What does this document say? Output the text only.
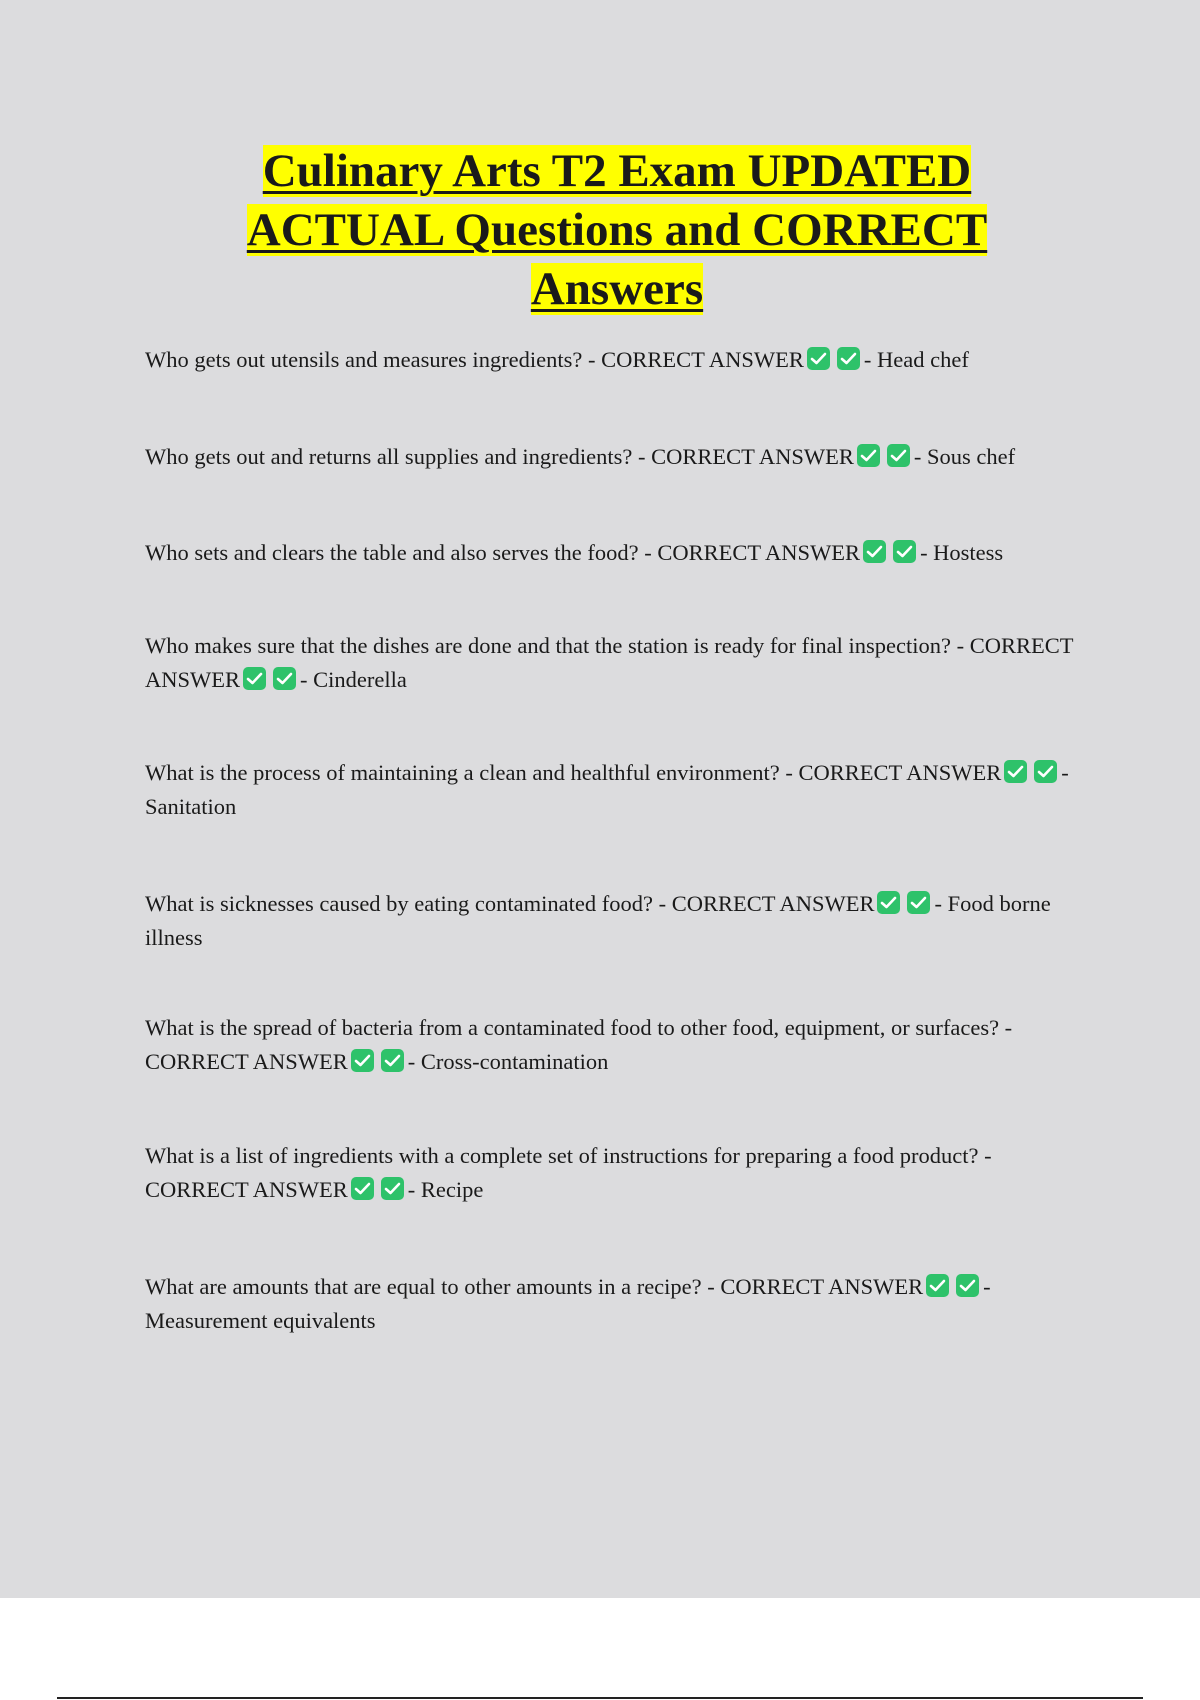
Culinary Arts T2 Exam UPDATED ACTUAL Questions and CORRECT Answers

Who gets out utensils and measures ingredients? - CORRECT ANSWER	- Head chef

Who gets out and returns all supplies and ingredients? - CORRECT ANSWER	- Sous chef

Who sets and clears the table and also serves the food? - CORRECT ANSWER	- Hostess

Who makes sure that the dishes are done and that the station is ready for final inspection? - CORRECT ANSWER	- Cinderella

What is the process of maintaining a clean and healthful environment? - CORRECT ANSWER	- Sanitation

What is sicknesses caused by eating contaminated food? - CORRECT ANSWER	- Food borne illness

What is the spread of bacteria from a contaminated food to other food, equipment, or surfaces? - CORRECT ANSWER	- Cross-contamination

What is a list of ingredients with a complete set of instructions for preparing a food product? - CORRECT ANSWER	- Recipe

What are amounts that are equal to other amounts in a recipe? - CORRECT ANSWER	- Measurement equivalents
